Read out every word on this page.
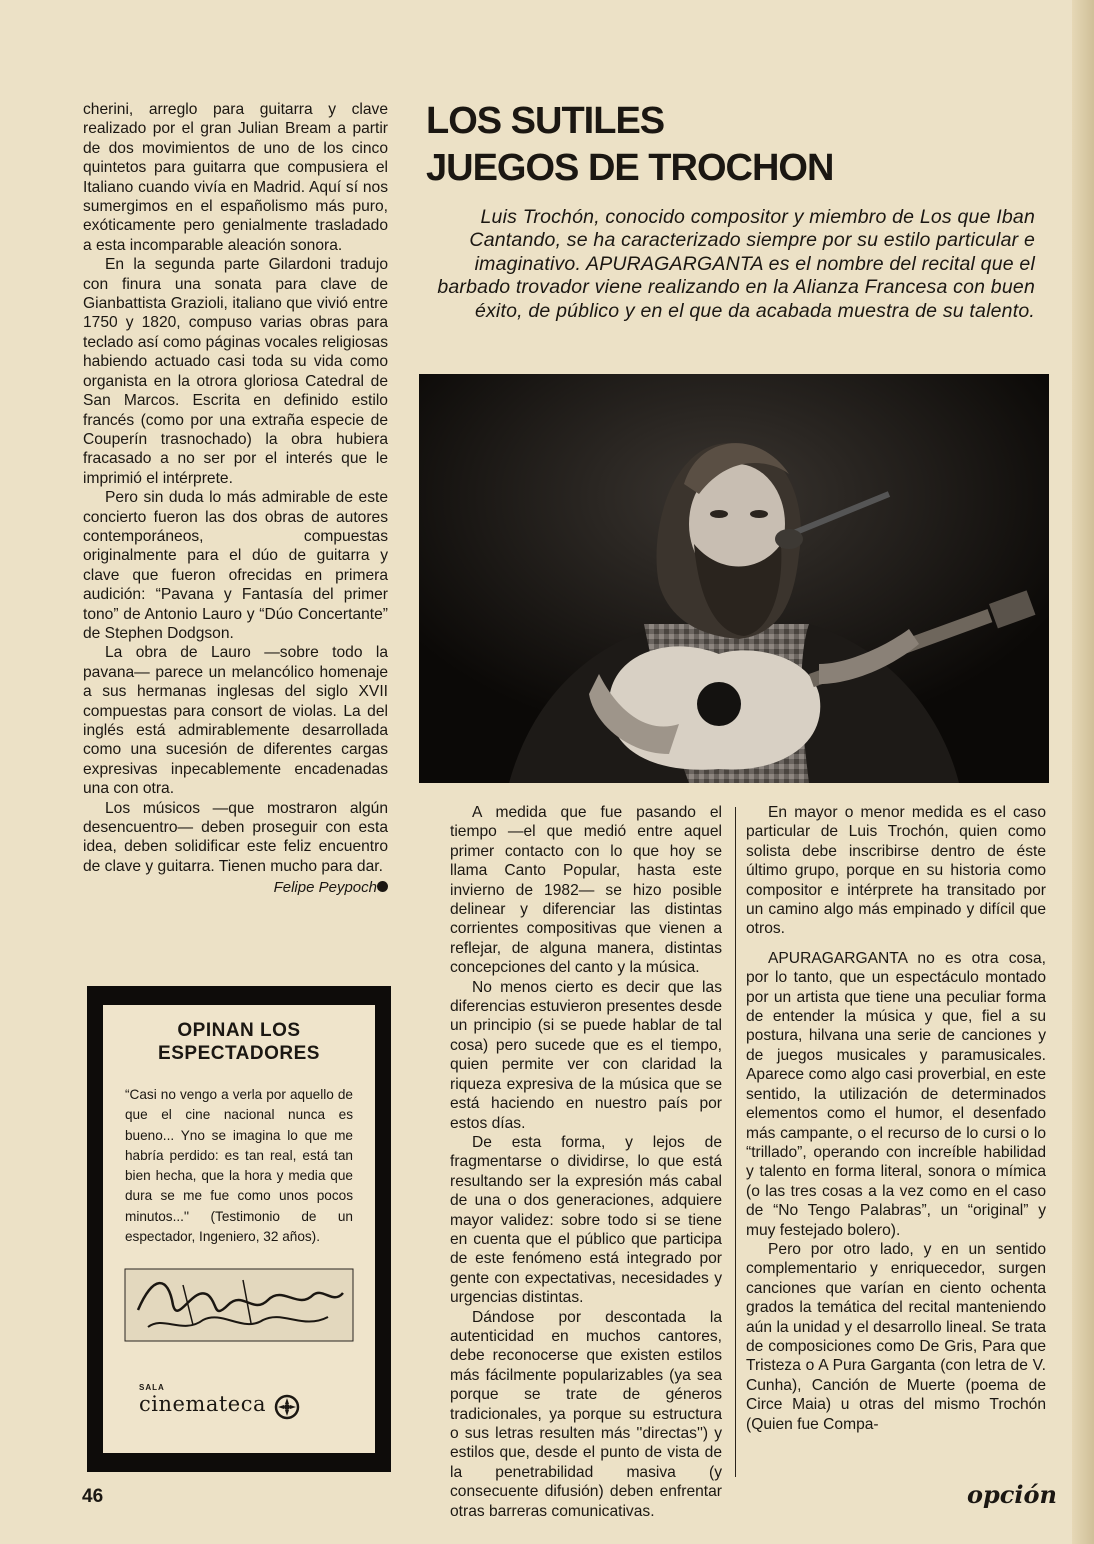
cherini, arreglo para guitarra y clave realizado por el gran Julian Bream a partir de dos movimientos de uno de los cinco quintetos para guitarra que compusiera el Italiano cuando vivía en Madrid. Aquí sí nos sumergimos en el españolismo más puro, exóticamente pero genialmente trasladado a esta incomparable aleación sonora.

En la segunda parte Gilardoni tradujo con finura una sonata para clave de Gianbattista Grazioli, italiano que vivió entre 1750 y 1820, compuso varias obras para teclado así como páginas vocales religiosas habiendo actuado casi toda su vida como organista en la otrora gloriosa Catedral de San Marcos. Escrita en definido estilo francés (como por una extraña especie de Couperín trasnochado) la obra hubiera fracasado a no ser por el interés que le imprimió el intérprete.

Pero sin duda lo más admirable de este concierto fueron las dos obras de autores contemporáneos, compuestas originalmente para el dúo de guitarra y clave que fueron ofrecidas en primera audición: “Pavana y Fantasía del primer tono” de Antonio Lauro y “Dúo Concertante” de Stephen Dodgson.

La obra de Lauro —sobre todo la pavana— parece un melancólico homenaje a sus hermanas inglesas del siglo XVII compuestas para consort de violas. La del inglés está admirablemente desarrollada como una sucesión de diferentes cargas expresivas inpecablemente encadenadas una con otra.

Los músicos —que mostraron algún desencuentro— deben proseguir con esta idea, deben solidificar este feliz encuentro de clave y guitarra. Tienen mucho para dar.

Felipe Peypoch
LOS SUTILES
JUEGOS DE TROCHON
Luis Trochón, conocido compositor y miembro de Los que Iban Cantando, se ha caracterizado siempre por su estilo particular e imaginativo. APURAGARGANTA es el nombre del recital que el barbado trovador viene realizando en la Alianza Francesa con buen éxito, de público y en el que da acabada muestra de su talento.

A medida que fue pasando el tiempo —el que medió entre aquel primer contacto con lo que hoy se llama Canto Popular, hasta este invierno de 1982— se hizo posible delinear y diferenciar las distintas corrientes compositivas que vienen a reflejar, de alguna manera, distintas concepciones del canto y la música.

No menos cierto es decir que las diferencias estuvieron presentes desde un principio (si se puede hablar de tal cosa) pero sucede que es el tiempo, quien permite ver con claridad la riqueza expresiva de la música que se está haciendo en nuestro país por estos días.

De esta forma, y lejos de fragmentarse o dividirse, lo que está resultando ser la expresión más cabal de una o dos generaciones, adquiere mayor validez: sobre todo si se tiene en cuenta que el público que participa de este fenómeno está integrado por gente con expectativas, necesidades y urgencias distintas.

Dándose por descontada la autenticidad en muchos cantores, debe reconocerse que existen estilos más fácilmente popularizables (ya sea porque se trate de géneros tradicionales, ya porque su estructura o sus letras resulten más ''directas'') y estilos que, desde el punto de vista de la penetrabilidad masiva (y consecuente difusión) deben enfrentar otras barreras comunicativas.

En mayor o menor medida es el caso particular de Luis Trochón, quien como solista debe inscribirse dentro de éste último grupo, porque en su historia como compositor e intérprete ha transitado por un camino algo más empinado y difícil que otros.

APURAGARGANTA no es otra cosa, por lo tanto, que un espectáculo montado por un artista que tiene una peculiar forma de entender la música y que, fiel a su postura, hilvana una serie de canciones y de juegos musicales y paramusicales. Aparece como algo casi proverbial, en este sentido, la utilización de determinados elementos como el humor, el desenfado más campante, o el recurso de lo cursi o lo “trillado”, operando con increíble habilidad y talento en forma literal, sonora o mímica (o las tres cosas a la vez como en el caso de “No Tengo Palabras”, un “original” y muy festejado bolero).

Pero por otro lado, y en un sentido complementario y enriquecedor, surgen canciones que varían en ciento ochenta grados la temática del recital manteniendo aún la unidad y el desarrollo lineal. Se trata de composiciones como De Gris, Para que Tristeza o A Pura Garganta (con letra de V. Cunha), Canción de Muerte (poema de Circe Maia) u otras del mismo Trochón (Quien fue Compa-

OPINAN LOS
ESPECTADORES
“Casi no vengo a verla por aquello de que el cine nacional nunca es bueno... Yno se imagina lo que me habría perdido: es tan real, está tan bien hecha, que la hora y media que dura se me fue como unos pocos minutos...'' (Testimonio de un espectador, Ingeniero, 32 años).
SALA
cinemateca
46	opción
